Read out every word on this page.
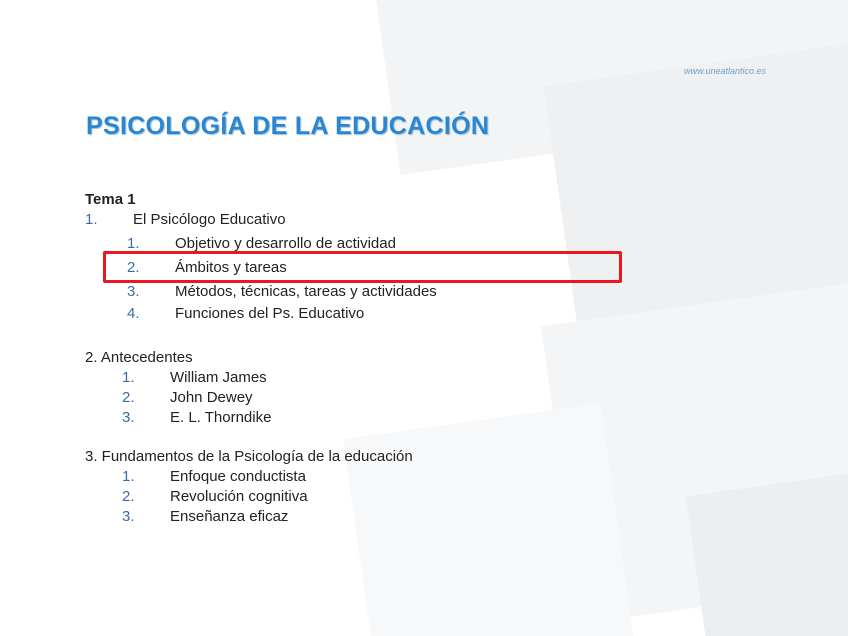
www.uneatlantico.es
PSICOLOGÍA DE LA EDUCACIÓN
Tema 1
1. El Psicólogo Educativo
1. Objetivo y desarrollo de actividad
2. Ámbitos y tareas
3. Métodos, técnicas, tareas y actividades
4. Funciones del Ps. Educativo
2. Antecedentes
1. William James
2. John Dewey
3. E. L. Thorndike
3. Fundamentos de la Psicología de la educación
1. Enfoque conductista
2. Revolución cognitiva
3. Enseñanza eficaz
